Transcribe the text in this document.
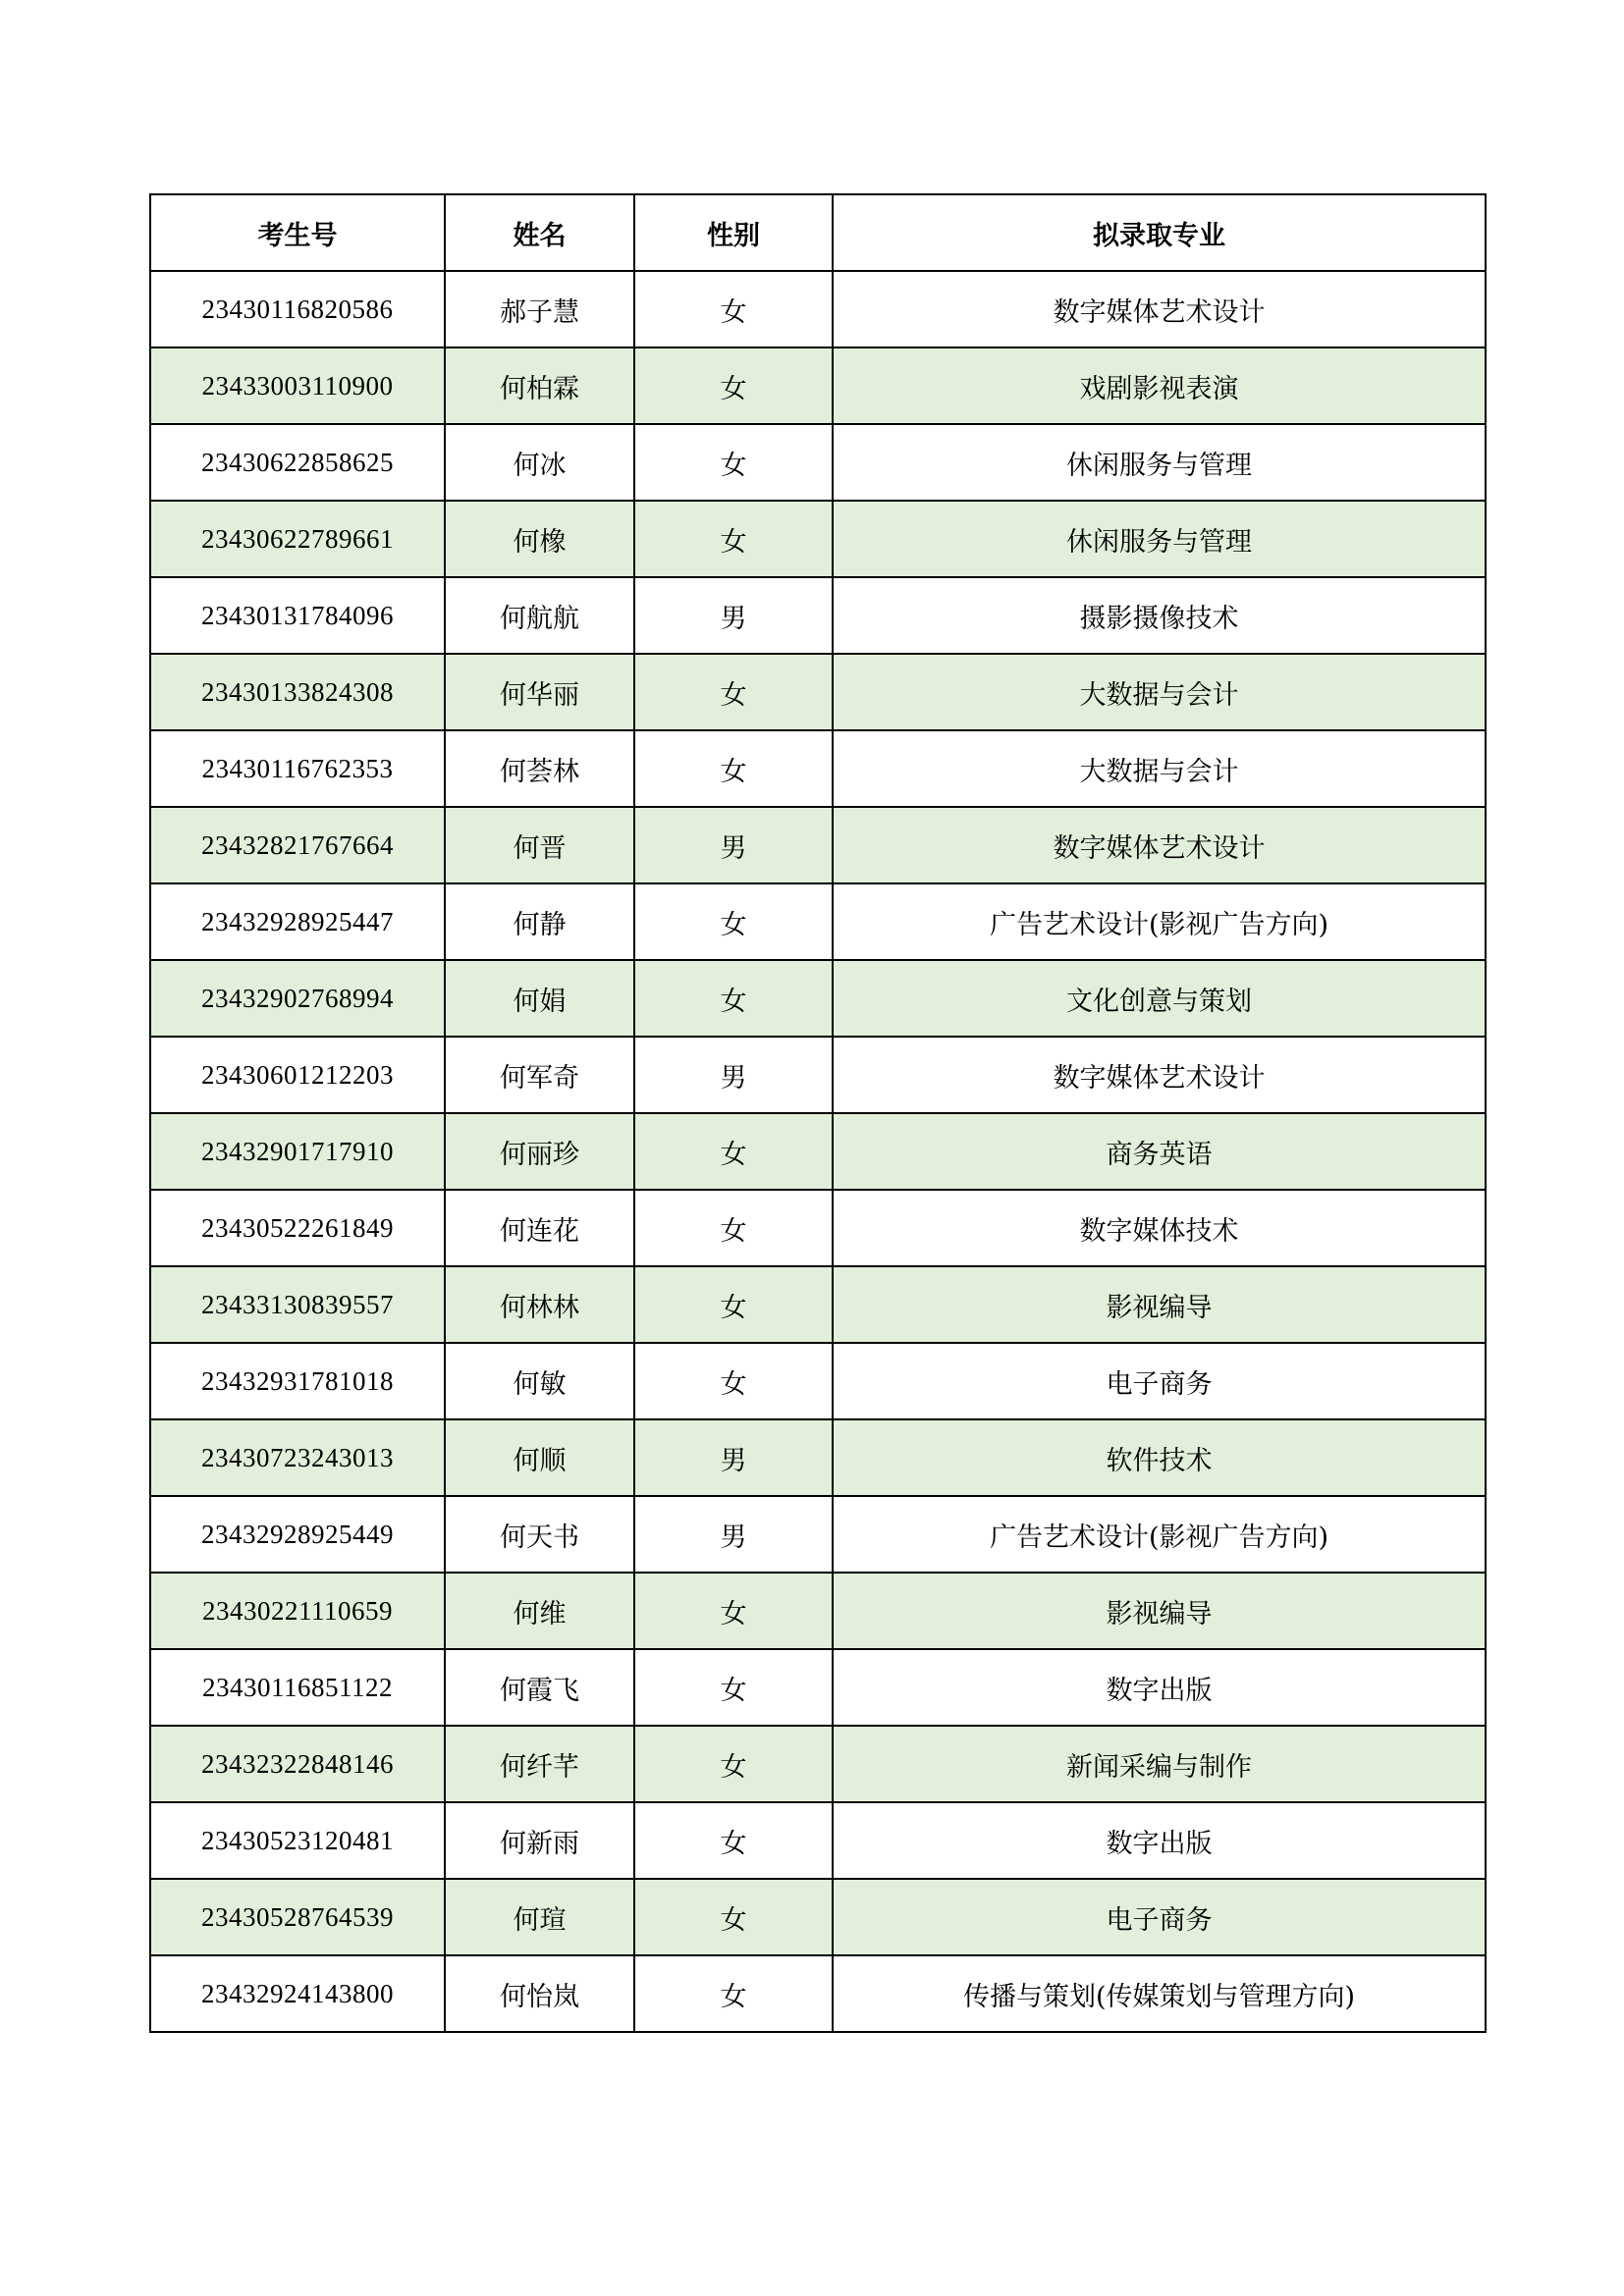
考生号	姓名	性别	拟录取专业
23430116820586	郝子慧	女	数字媒体艺术设计
23433003110900	何柏霖	女	戏剧影视表演
23430622858625	何冰	女	休闲服务与管理
23430622789661	何橡	女	休闲服务与管理
23430131784096	何航航	男	摄影摄像技术
23430133824308	何华丽	女	大数据与会计
23430116762353	何荟林	女	大数据与会计
23432821767664	何晋	男	数字媒体艺术设计
23432928925447	何静	女	广告艺术设计(影视广告方向)
23432902768994	何娟	女	文化创意与策划
23430601212203	何军奇	男	数字媒体艺术设计
23432901717910	何丽珍	女	商务英语
23430522261849	何连花	女	数字媒体技术
23433130839557	何林林	女	影视编导
23432931781018	何敏	女	电子商务
23430723243013	何顺	男	软件技术
23432928925449	何天书	男	广告艺术设计(影视广告方向)
23430221110659	何维	女	影视编导
23430116851122	何霞飞	女	数字出版
23432322848146	何纤芊	女	新闻采编与制作
23430523120481	何新雨	女	数字出版
23430528764539	何瑄	女	电子商务
23432924143800	何怡岚	女	传播与策划(传媒策划与管理方向)
